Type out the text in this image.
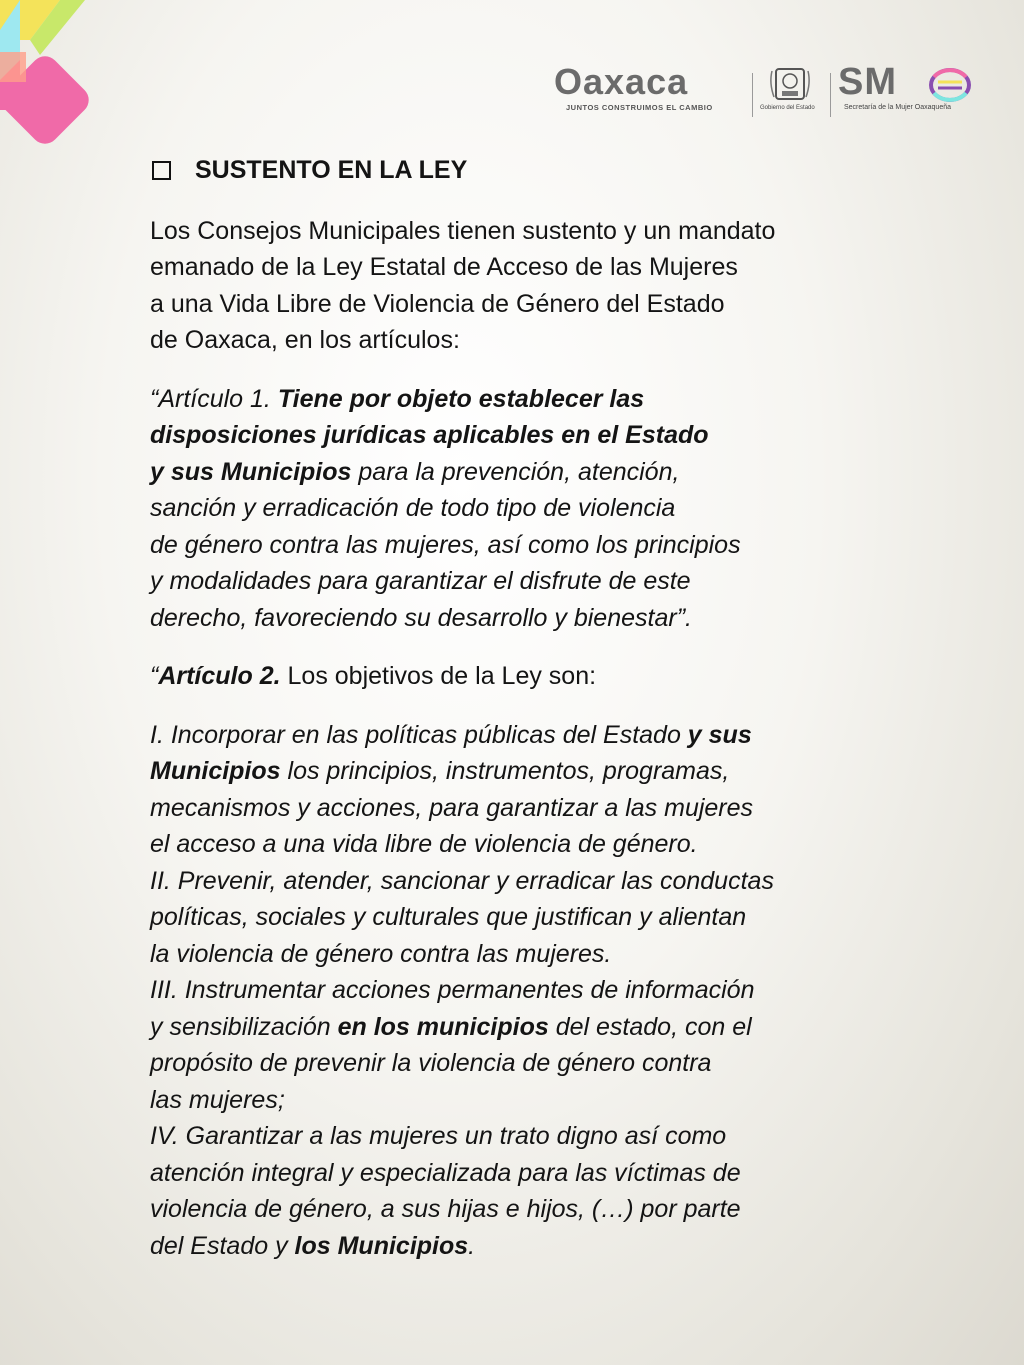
Oaxaca
JUNTOS CONSTRUIMOS EL CAMBIO	Gobierno del Estado
SM
Secretaría de la Mujer Oaxaqueña
SUSTENTO EN LA LEY
Los Consejos Municipales tienen sustento y un mandato
emanado de la Ley Estatal de Acceso de las Mujeres
a una Vida Libre de Violencia de Género del Estado
de Oaxaca, en los artículos:
“Artículo 1. Tiene por objeto establecer las
disposiciones jurídicas aplicables en el Estado
y sus Municipios para la prevención, atención,
sanción y erradicación de todo tipo de violencia
de género contra las mujeres, así como los principios
y modalidades para garantizar el disfrute de este
derecho, favoreciendo su desarrollo y bienestar”.
“Artículo 2. Los objetivos de la Ley son:
I. Incorporar en las políticas públicas del Estado y sus
Municipios los principios, instrumentos, programas,
mecanismos y acciones, para garantizar a las mujeres
el acceso a una vida libre de violencia de género.
II. Prevenir, atender, sancionar y erradicar las conductas
políticas, sociales y culturales que justifican y alientan
la violencia de género contra las mujeres.
III. Instrumentar acciones permanentes de información
y sensibilización en los municipios del estado, con el
propósito de prevenir la violencia de género contra
las mujeres;
IV. Garantizar a las mujeres un trato digno así como
atención integral y especializada para las víctimas de
violencia de género, a sus hijas e hijos, (…) por parte
del Estado y los Municipios.
